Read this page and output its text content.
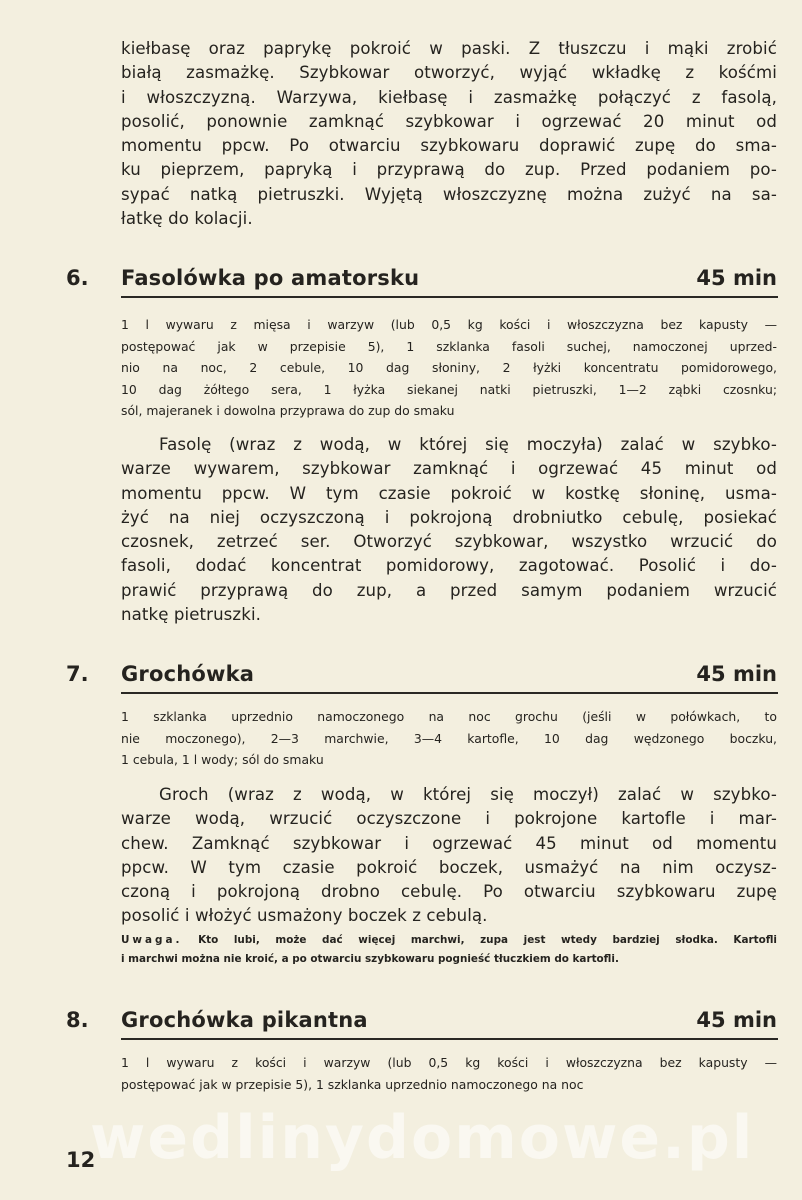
kiełbasę oraz paprykę pokroić w paski. Z tłuszczu i mąki zrobić
białą zasmażkę. Szybkowar otworzyć, wyjąć wkładkę z kośćmi
i włoszczyzną. Warzywa, kiełbasę i zasmażkę połączyć z fasolą,
posolić, ponownie zamknąć szybkowar i ogrzewać 20 minut od
momentu ppcw. Po otwarciu szybkowaru doprawić zupę do sma-
ku pieprzem, papryką i przyprawą do zup. Przed podaniem po-
sypać natką pietruszki. Wyjętą włoszczyznę można zużyć na sa-
łatkę do kolacji.

6. Fasolówka po amatorsku	45 min

1 l wywaru z mięsa i warzyw (lub 0,5 kg kości i włoszczyzna bez kapusty —
postępować jak w przepisie 5), 1 szklanka fasoli suchej, namoczonej uprzed-
nio na noc, 2 cebule, 10 dag słoniny, 2 łyżki koncentratu pomidorowego,
10 dag żółtego sera, 1 łyżka siekanej natki pietruszki, 1—2 ząbki czosnku;
sól, majeranek i dowolna przyprawa do zup do smaku

Fasolę (wraz z wodą, w której się moczyła) zalać w szybko-
warze wywarem, szybkowar zamknąć i ogrzewać 45 minut od
momentu ppcw. W tym czasie pokroić w kostkę słoninę, usma-
żyć na niej oczyszczoną i pokrojoną drobniutko cebulę, posiekać
czosnek, zetrzeć ser. Otworzyć szybkowar, wszystko wrzucić do
fasoli, dodać koncentrat pomidorowy, zagotować. Posolić i do-
prawić przyprawą do zup, a przed samym podaniem wrzucić
natkę pietruszki.

7. Grochówka	45 min

1 szklanka uprzednio namoczonego na noc grochu (jeśli w połówkach, to
nie moczonego), 2—3 marchwie, 3—4 kartofle, 10 dag wędzonego boczku,
1 cebula, 1 l wody; sól do smaku

Groch (wraz z wodą, w której się moczył) zalać w szybko-
warze wodą, wrzucić oczyszczone i pokrojone kartofle i mar-
chew. Zamknąć szybkowar i ogrzewać 45 minut od momentu
ppcw. W tym czasie pokroić boczek, usmażyć na nim oczysz-
czoną i pokrojoną drobno cebulę. Po otwarciu szybkowaru zupę
posolić i włożyć usmażony boczek z cebulą.

Uwaga. Kto lubi, może dać więcej marchwi, zupa jest wtedy bardziej słodka. Kartofli
i marchwi można nie kroić, a po otwarciu szybkowaru pognieść tłuczkiem do kartofli.

8. Grochówka pikantna	45 min

1 l wywaru z kości i warzyw (lub 0,5 kg kości i włoszczyzna bez kapusty —
postępować jak w przepisie 5), 1 szklanka uprzednio namoczonego na noc

wedlinydomowe.pl
12
